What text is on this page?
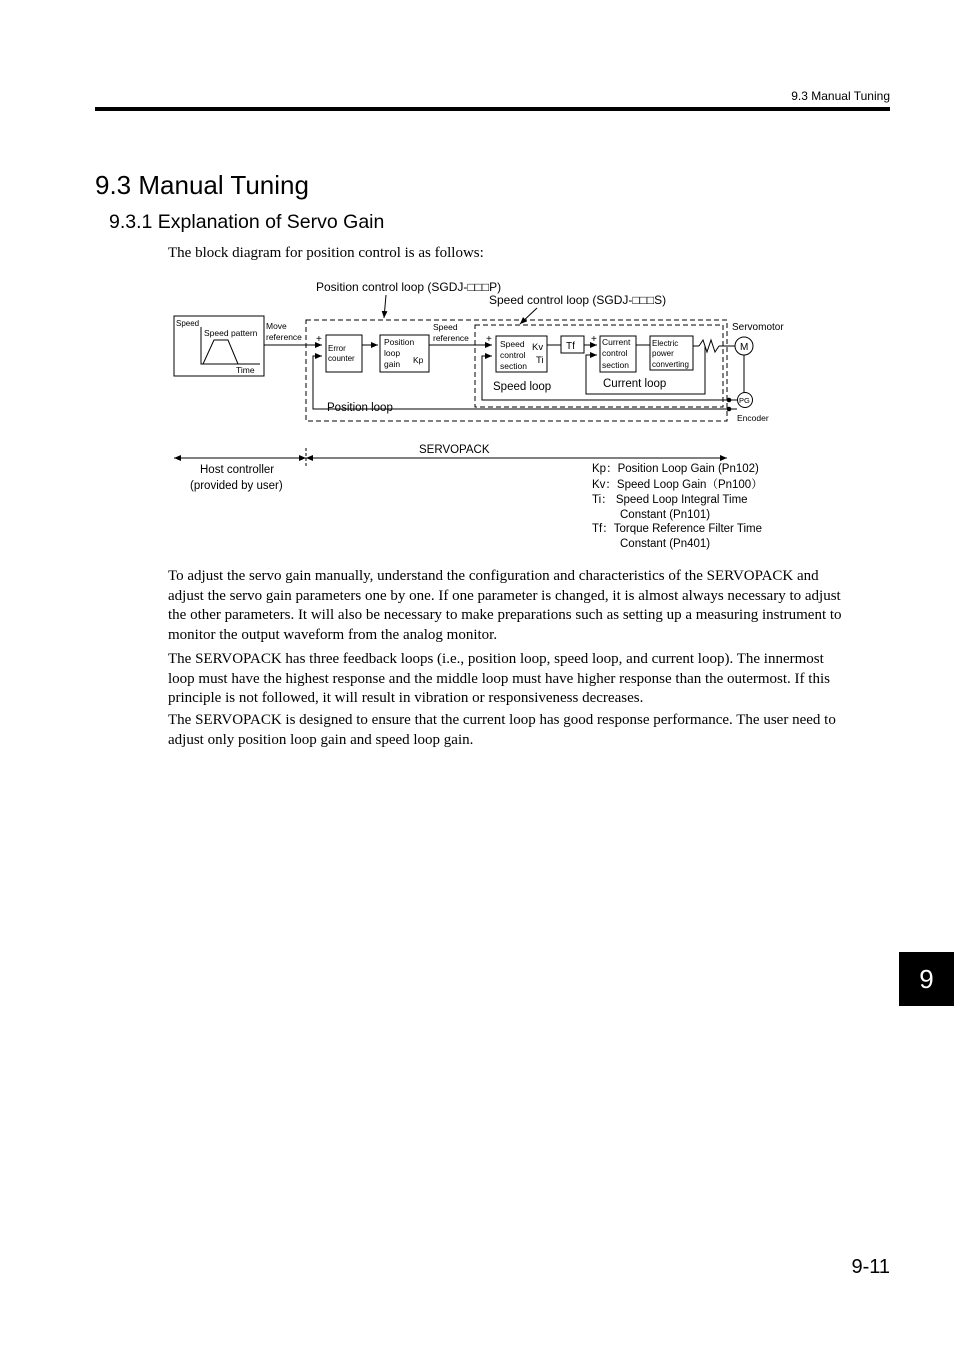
9.3 Manual Tuning
9.3 Manual Tuning
9.3.1 Explanation of Servo Gain

The block diagram for position control is as follows:

Position control loop (SGDJ-□□□P)
Speed control loop (SGDJ-□□□S)
Speed
Speed pattern
Time
Move
reference +
-
Error
counter
Position
loop
gain Kp
Speed
reference +
-
Speed
control
section
Kv
Ti
Tf
+
-
Current
control
section
Electric
power
converting
Servomotor
M
PG
Encoder
Speed loop	Current loop
Position loop
SERVOPACK
Host controller
(provided by user)
Kp：Position Loop Gain (Pn102)
Kv：Speed Loop Gain（Pn100）
Ti： Speed Loop Integral Time
Constant (Pn101)
Tf：Torque Reference Filter Time
Constant (Pn401)

To adjust the servo gain manually, understand the configuration and characteristics of the SERVOPACK and
adjust the servo gain parameters one by one. If one parameter is changed, it is almost always necessary to adjust
the other parameters. It will also be necessary to make preparations such as setting up a measuring instrument to
monitor the output waveform from the analog monitor.

The SERVOPACK has three feedback loops (i.e., position loop, speed loop, and current loop). The innermost
loop must have the highest response and the middle loop must have higher response than the outermost. If this
principle is not followed, it will result in vibration or responsiveness decreases.

The SERVOPACK is designed to ensure that the current loop has good response performance. The user need to
adjust only position loop gain and speed loop gain.

9
9-11
